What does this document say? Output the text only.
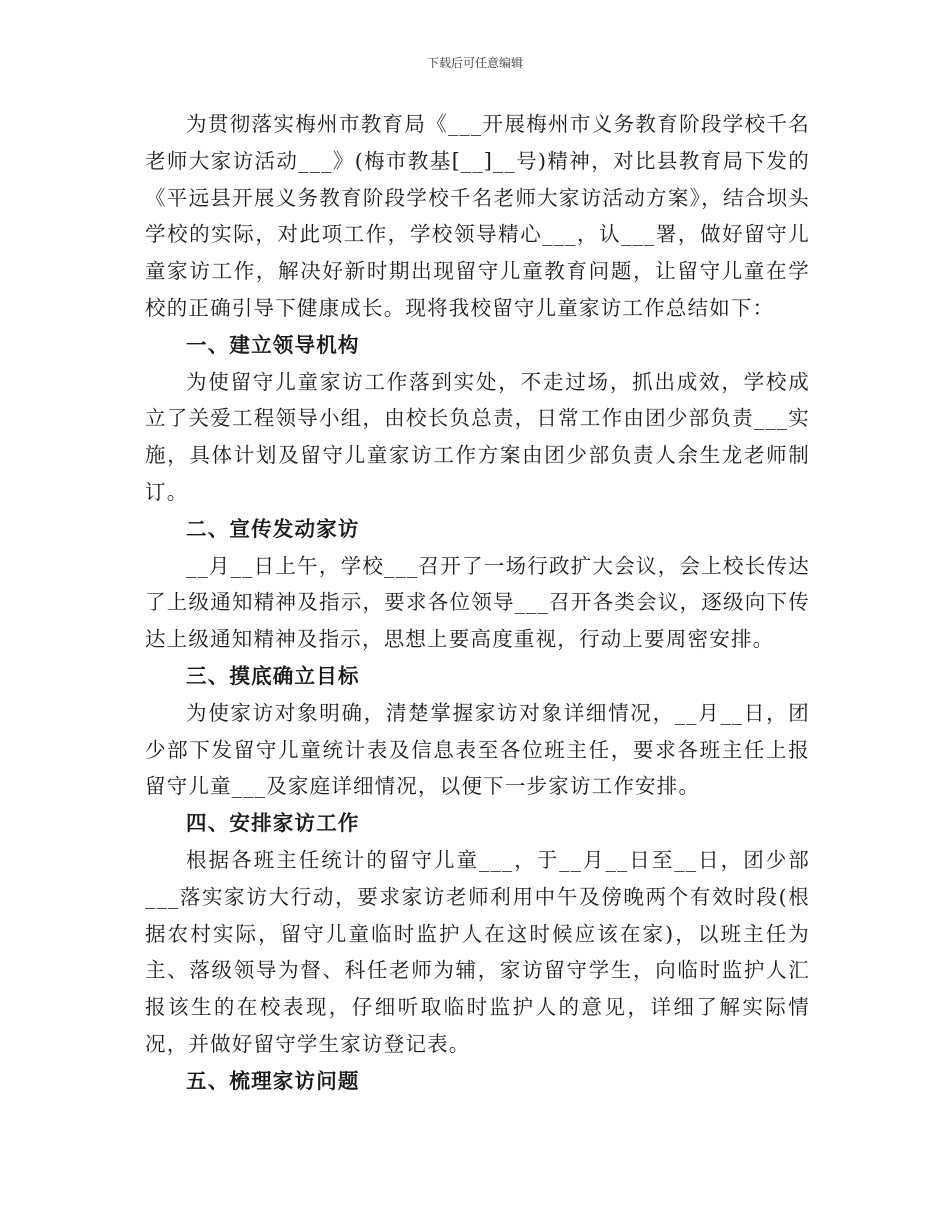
下载后可任意编辑

为贯彻落实梅州市教育局《___开展梅州市义务教育阶段学校千名老师大家访活动___》(梅市教基[__]__号)精神，对比县教育局下发的《平远县开展义务教育阶段学校千名老师大家访活动方案》，结合坝头学校的实际，对此项工作，学校领导精心___，认___署，做好留守儿童家访工作，解决好新时期出现留守儿童教育问题，让留守儿童在学校的正确引导下健康成长。现将我校留守儿童家访工作总结如下：

一、建立领导机构

为使留守儿童家访工作落到实处，不走过场，抓出成效，学校成立了关爱工程领导小组，由校长负总责，日常工作由团少部负责___实施，具体计划及留守儿童家访工作方案由团少部负责人余生龙老师制订。

二、宣传发动家访

__月__日上午，学校___召开了一场行政扩大会议，会上校长传达了上级通知精神及指示，要求各位领导___召开各类会议，逐级向下传达上级通知精神及指示，思想上要高度重视，行动上要周密安排。

三、摸底确立目标

为使家访对象明确，清楚掌握家访对象详细情况，__月__日，团少部下发留守儿童统计表及信息表至各位班主任，要求各班主任上报留守儿童___及家庭详细情况，以便下一步家访工作安排。

四、安排家访工作

根据各班主任统计的留守儿童___，于__月__日至__日，团少部___落实家访大行动，要求家访老师利用中午及傍晚两个有效时段(根据农村实际，留守儿童临时监护人在这时候应该在家)，以班主任为主、落级领导为督、科任老师为辅，家访留守学生，向临时监护人汇报该生的在校表现，仔细听取临时监护人的意见，详细了解实际情况，并做好留守学生家访登记表。

五、梳理家访问题
